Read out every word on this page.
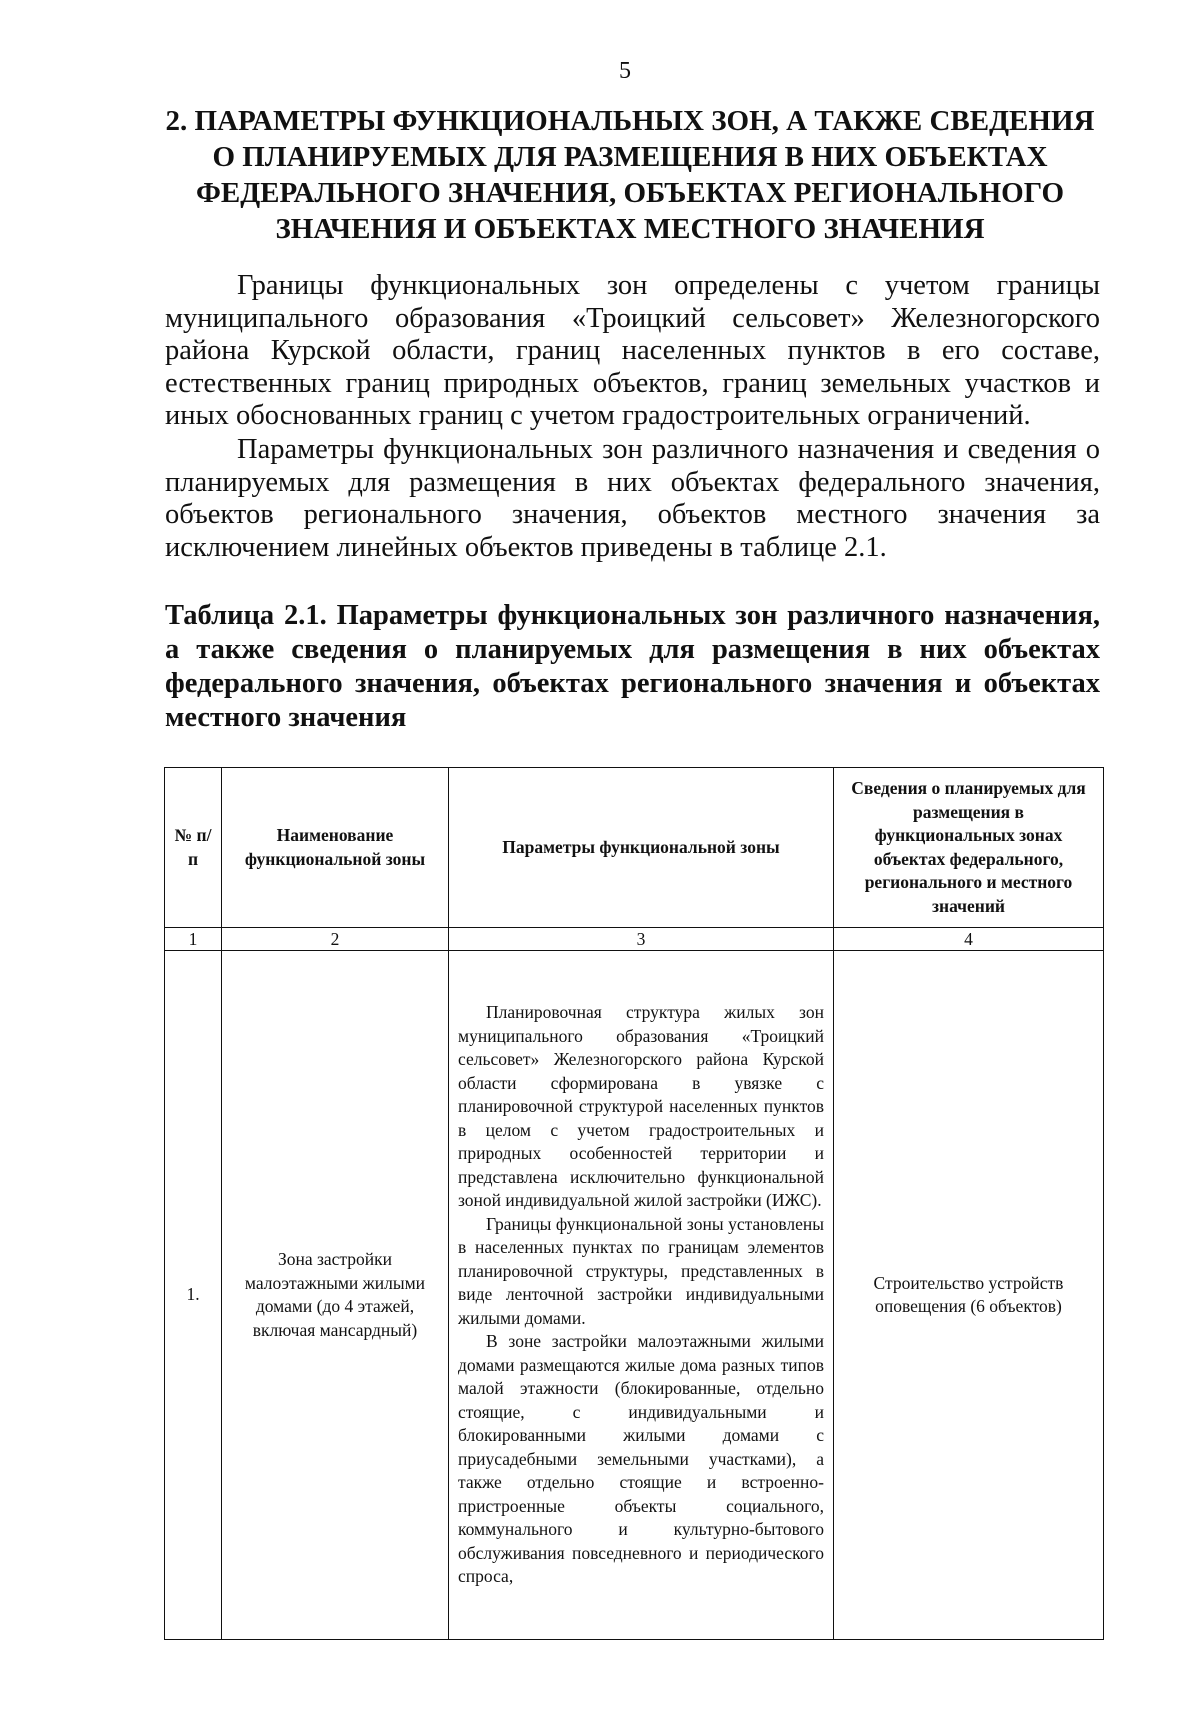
5
2. ПАРАМЕТРЫ ФУНКЦИОНАЛЬНЫХ ЗОН, А ТАКЖЕ СВЕДЕНИЯ О ПЛАНИРУЕМЫХ ДЛЯ РАЗМЕЩЕНИЯ В НИХ ОБЪЕКТАХ ФЕДЕРАЛЬНОГО ЗНАЧЕНИЯ, ОБЪЕКТАХ РЕГИОНАЛЬНОГО ЗНАЧЕНИЯ И ОБЪЕКТАХ МЕСТНОГО ЗНАЧЕНИЯ

Границы функциональных зон определены с учетом границы муниципального образования «Троицкий сельсовет» Железногорского района Курской области, границ населенных пунктов в его составе, естественных границ природных объектов, границ земельных участков и иных обоснованных границ с учетом градостроительных ограничений.

Параметры функциональных зон различного назначения и сведения о планируемых для размещения в них объектах федерального значения, объектов регионального значения, объектов местного значения за исключением линейных объектов приведены в таблице 2.1.

Таблица 2.1. Параметры функциональных зон различного назначения, а также сведения о планируемых для размещения в них объектах федерального значения, объектах регионального значения и объектах местного значения
№ п/п	Наименование функциональной зоны	Параметры функциональной зоны	Сведения о планируемых для размещения в функциональных зонах объектах федерального, регионального и местного значений
1	2	3	4
1.	Зона застройки малоэтажными жилыми домами (до 4 этажей, включая мансардный)	Планировочная структура жилых зон муниципального образования «Троицкий сельсовет» Железногорского района Курской области сформирована в увязке с планировочной структурой населенных пунктов в целом с учетом градостроительных и природных особенностей территории и представлена исключительно функциональной зоной индивидуальной жилой застройки (ИЖС).

Границы функциональной зоны установлены в населенных пунктах по границам элементов планировочной структуры, представленных в виде ленточной застройки индивидуальными жилыми домами.

В зоне застройки малоэтажными жилыми домами размещаются жилые дома разных типов малой этажности (блокированные, отдельно стоящие, с индивидуальными и блокированными жилыми домами с приусадебными земельными участками), а также отдельно стоящие и встроенно-пристроенные объекты социального, коммунального и культурно-бытового обслуживания повседневного и периодического спроса,	Строительство устройств оповещения (6 объектов)
